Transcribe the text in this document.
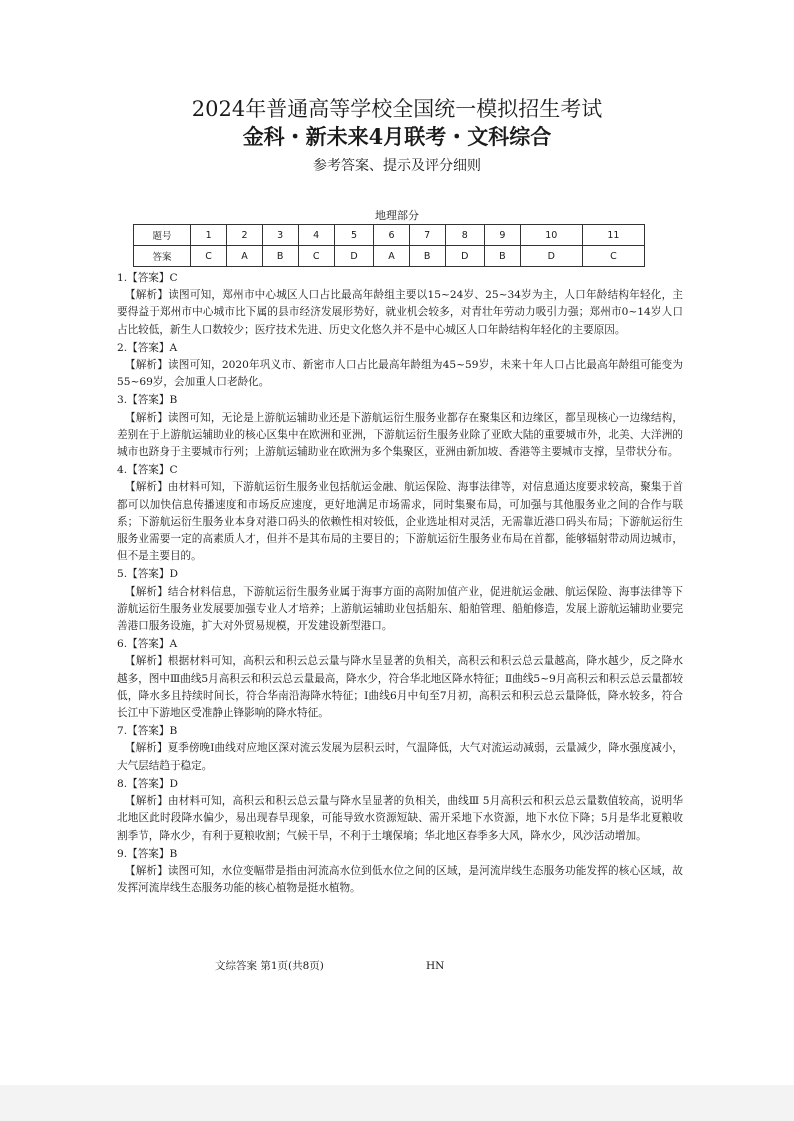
2024年普通高等学校全国统一模拟招生考试
金科・新未来4月联考・文科综合
参考答案、提示及评分细则
地理部分
题号	1	2	3	4	5	6	7	8	9	10	11
答案	C	A	B	C	D	A	B	D	B	D	C
1.【答案】C
【解析】读图可知，郑州市中心城区人口占比最高年龄组主要以15~24岁、25~34岁为主，人口年龄结构年轻化，主要得益于郑州市中心城市比下属的县市经济发展形势好，就业机会较多，对青壮年劳动力吸引力强；郑州市0~14岁人口占比较低，新生人口数较少；医疗技术先进、历史文化悠久并不是中心城区人口年龄结构年轻化的主要原因。
2.【答案】A
【解析】读图可知，2020年巩义市、新密市人口占比最高年龄组为45~59岁，未来十年人口占比最高年龄组可能变为55~69岁，会加重人口老龄化。
3.【答案】B
【解析】读图可知，无论是上游航运辅助业还是下游航运衍生服务业都存在聚集区和边缘区，都呈现核心一边缘结构，差别在于上游航运辅助业的核心区集中在欧洲和亚洲，下游航运衍生服务业除了亚欧大陆的重要城市外，北美、大洋洲的城市也跻身于主要城市行列；上游航运辅助业在欧洲为多个集聚区，亚洲由新加坡、香港等主要城市支撑，呈带状分布。
4.【答案】C
【解析】由材料可知，下游航运衍生服务业包括航运金融、航运保险、海事法律等，对信息通达度要求较高，聚集于首都可以加快信息传播速度和市场反应速度，更好地满足市场需求，同时集聚布局，可加强与其他服务业之间的合作与联系；下游航运衍生服务业本身对港口码头的依赖性相对较低，企业选址相对灵活，无需靠近港口码头布局；下游航运衍生服务业需要一定的高素质人才，但并不是其布局的主要目的；下游航运衍生服务业布局在首都，能够辐射带动周边城市，但不是主要目的。
5.【答案】D
【解析】结合材料信息，下游航运衍生服务业属于海事方面的高附加值产业，促进航运金融、航运保险、海事法律等下游航运衍生服务业发展要加强专业人才培养；上游航运辅助业包括船东、船舶管理、船舶修造，发展上游航运辅助业要完善港口服务设施，扩大对外贸易规模，开发建设新型港口。
6.【答案】A
【解析】根据材料可知，高积云和积云总云量与降水呈显著的负相关，高积云和积云总云量越高，降水越少，反之降水越多，图中Ⅲ曲线5月高积云和积云总云量最高，降水少，符合华北地区降水特征；Ⅱ曲线5~9月高积云和积云总云量都较低，降水多且持续时间长，符合华南沿海降水特征；Ⅰ曲线6月中旬至7月初，高积云和积云总云量降低，降水较多，符合长江中下游地区受准静止锋影响的降水特征。
7.【答案】B
【解析】夏季傍晚Ⅰ曲线对应地区深对流云发展为层积云时，气温降低，大气对流运动减弱，云量减少，降水强度减小，大气层结趋于稳定。
8.【答案】D
【解析】由材料可知，高积云和积云总云量与降水呈显著的负相关，曲线Ⅲ 5月高积云和积云总云量数值较高，说明华北地区此时段降水偏少，易出现春旱现象，可能导致水资源短缺、需开采地下水资源，地下水位下降；5月是华北夏粮收割季节，降水少，有利于夏粮收割；气候干旱，不利于土壤保墒；华北地区春季多大风，降水少，风沙活动增加。
9.【答案】B
【解析】读图可知，水位变幅带是指由河流高水位到低水位之间的区域，是河流岸线生态服务功能发挥的核心区域，故发挥河流岸线生态服务功能的核心植物是挺水植物。
文综答案 第1页(共8页)	HN
